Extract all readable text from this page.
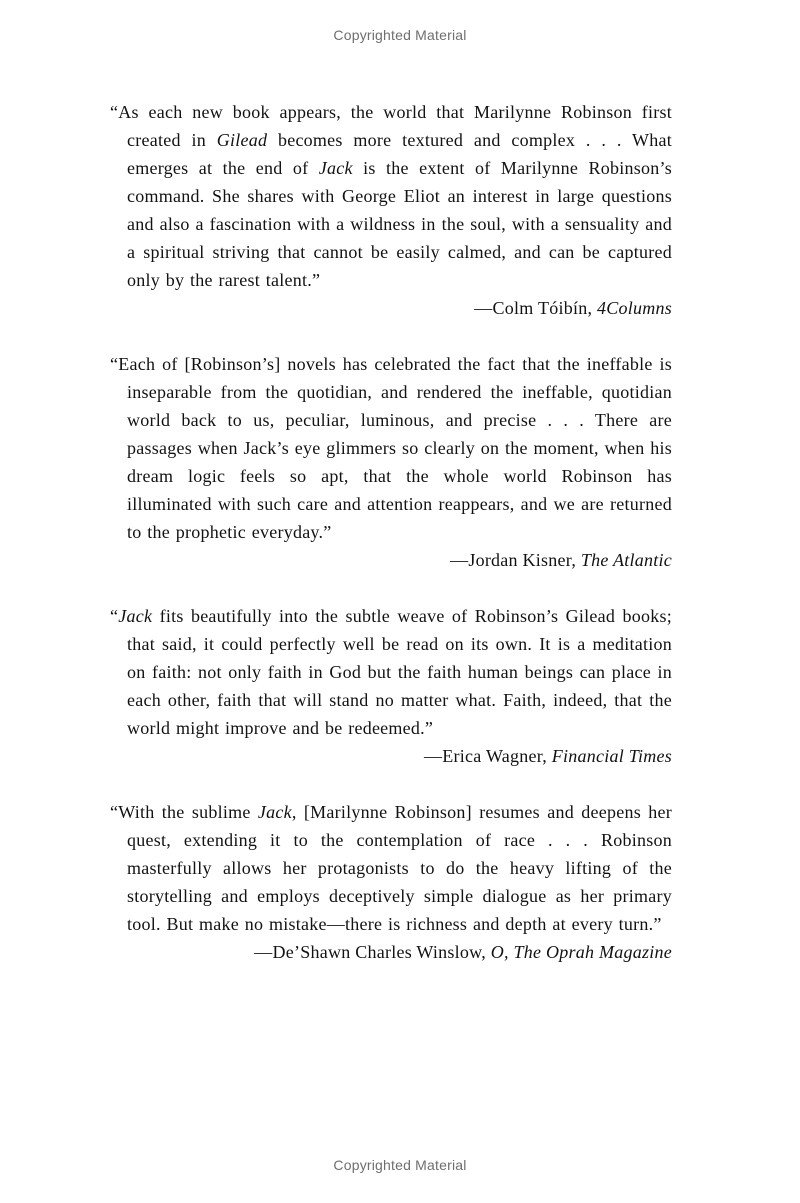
Copyrighted Material

“As each new book appears, the world that Marilynne Robinson first created in Gilead becomes more textured and complex . . . What emerges at the end of Jack is the extent of Marilynne Robinson’s command. She shares with George Eliot an interest in large questions and also a fascination with a wildness in the soul, with a sensuality and a spiritual striving that cannot be easily calmed, and can be captured only by the rarest talent.”

—Colm Tóibín, 4Columns

“Each of [Robinson’s] novels has celebrated the fact that the ineffable is inseparable from the quotidian, and rendered the ineffable, quotidian world back to us, peculiar, luminous, and precise . . . There are passages when Jack’s eye glimmers so clearly on the moment, when his dream logic feels so apt, that the whole world Robinson has illuminated with such care and attention reappears, and we are returned to the prophetic everyday.”

—Jordan Kisner, The Atlantic

“Jack fits beautifully into the subtle weave of Robinson’s Gilead books; that said, it could perfectly well be read on its own. It is a meditation on faith: not only faith in God but the faith human beings can place in each other, faith that will stand no matter what. Faith, indeed, that the world might improve and be redeemed.”

—Erica Wagner, Financial Times

“With the sublime Jack, [Marilynne Robinson] resumes and deepens her quest, extending it to the contemplation of race . . . Robinson masterfully allows her protagonists to do the heavy lifting of the storytelling and employs deceptively simple dialogue as her primary tool. But make no mistake—there is richness and depth at every turn.”

—De’Shawn Charles Winslow, O, The Oprah Magazine

Copyrighted Material
